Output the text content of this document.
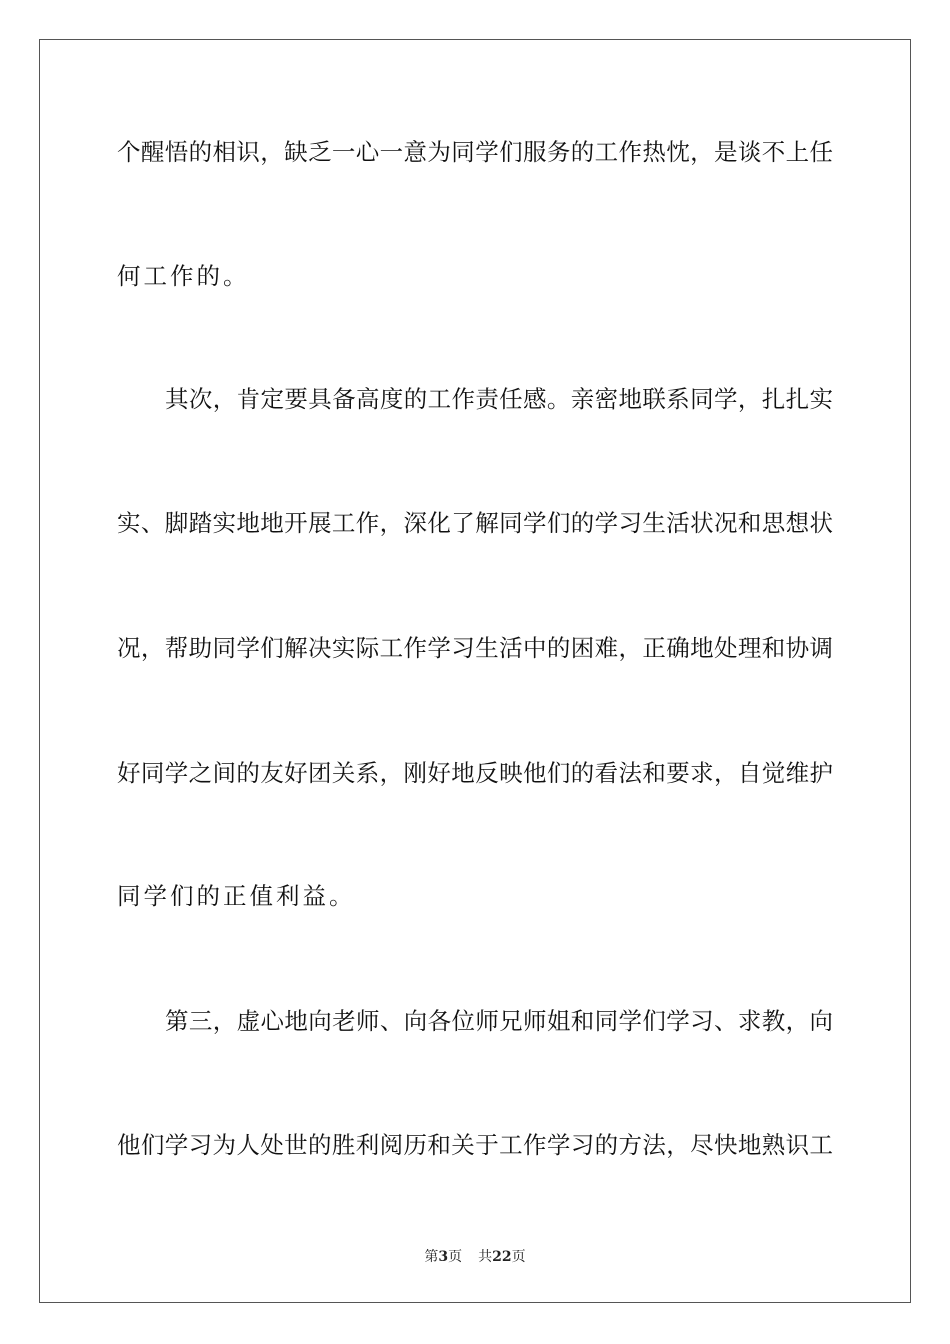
个醒悟的相识，缺乏一心一意为同学们服务的工作热忱，是谈不上任
何工作的。
其次，肯定要具备高度的工作责任感。亲密地联系同学，扎扎实
实、脚踏实地地开展工作，深化了解同学们的学习生活状况和思想状
况，帮助同学们解决实际工作学习生活中的困难，正确地处理和协调
好同学之间的友好团关系，刚好地反映他们的看法和要求，自觉维护
同学们的正值利益。
第三，虚心地向老师、向各位师兄师姐和同学们学习、求教，向
他们学习为人处世的胜利阅历和关于工作学习的方法，尽快地熟识工
第3页 共22页
